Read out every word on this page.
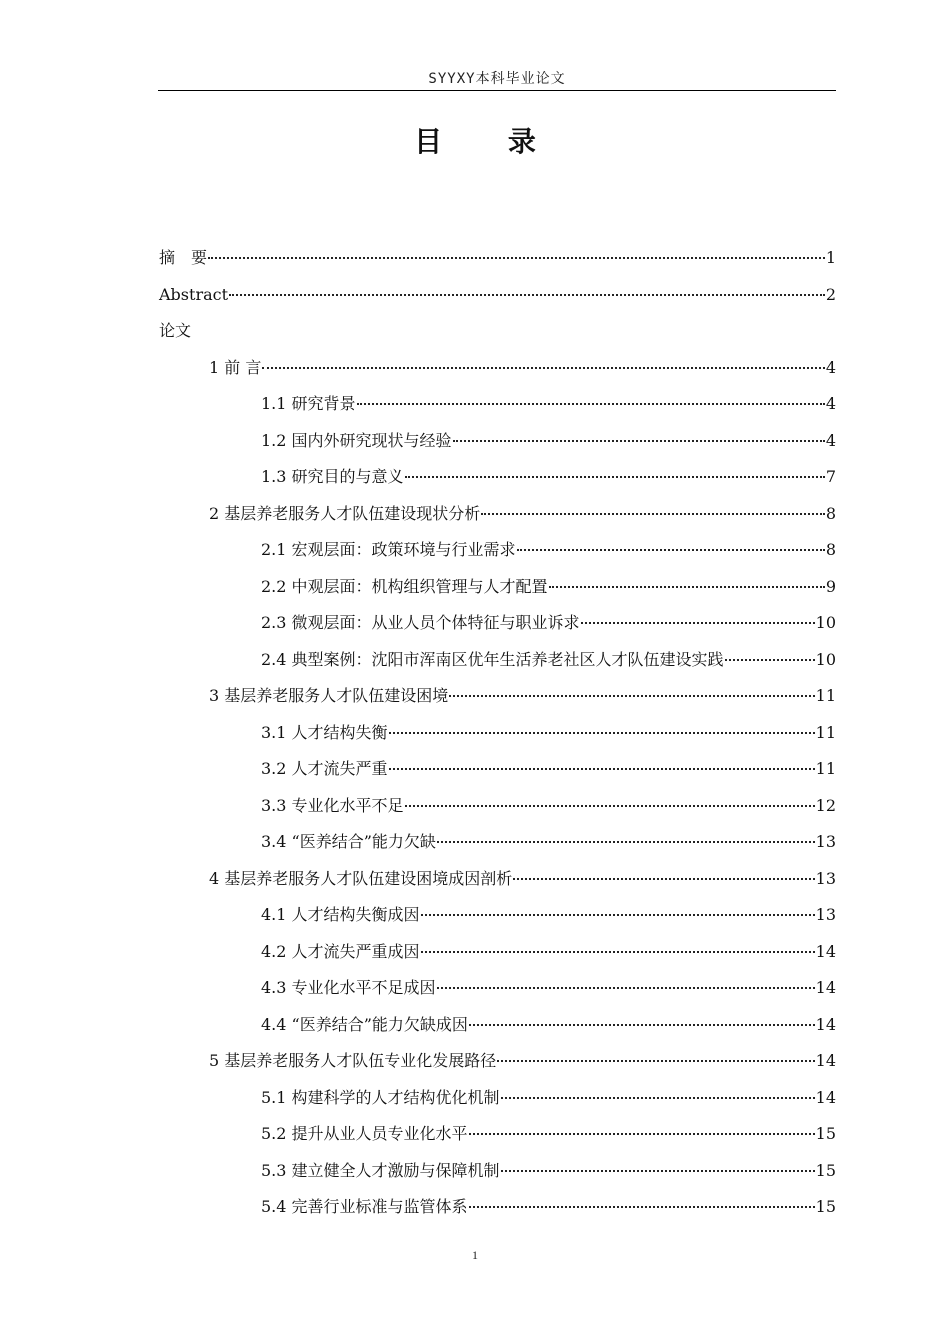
SYYXY本科毕业论文
目 录
摘　要	1
Abstract	2
论文
1 前 言	4
1.1 研究背景	4
1.2 国内外研究现状与经验	4
1.3 研究目的与意义	7
2 基层养老服务人才队伍建设现状分析	8
2.1 宏观层面：政策环境与行业需求	8
2.2 中观层面：机构组织管理与人才配置	9
2.3 微观层面：从业人员个体特征与职业诉求	10
2.4 典型案例：沈阳市浑南区优年生活养老社区人才队伍建设实践	10
3 基层养老服务人才队伍建设困境	11
3.1 人才结构失衡	11
3.2 人才流失严重	11
3.3 专业化水平不足	12
3.4 “医养结合”能力欠缺	13
4 基层养老服务人才队伍建设困境成因剖析	13
4.1 人才结构失衡成因	13
4.2 人才流失严重成因	14
4.3 专业化水平不足成因	14
4.4 “医养结合”能力欠缺成因	14
5 基层养老服务人才队伍专业化发展路径	14
5.1 构建科学的人才结构优化机制	14
5.2 提升从业人员专业化水平	15
5.3 建立健全人才激励与保障机制	15
5.4 完善行业标准与监管体系	15
1
